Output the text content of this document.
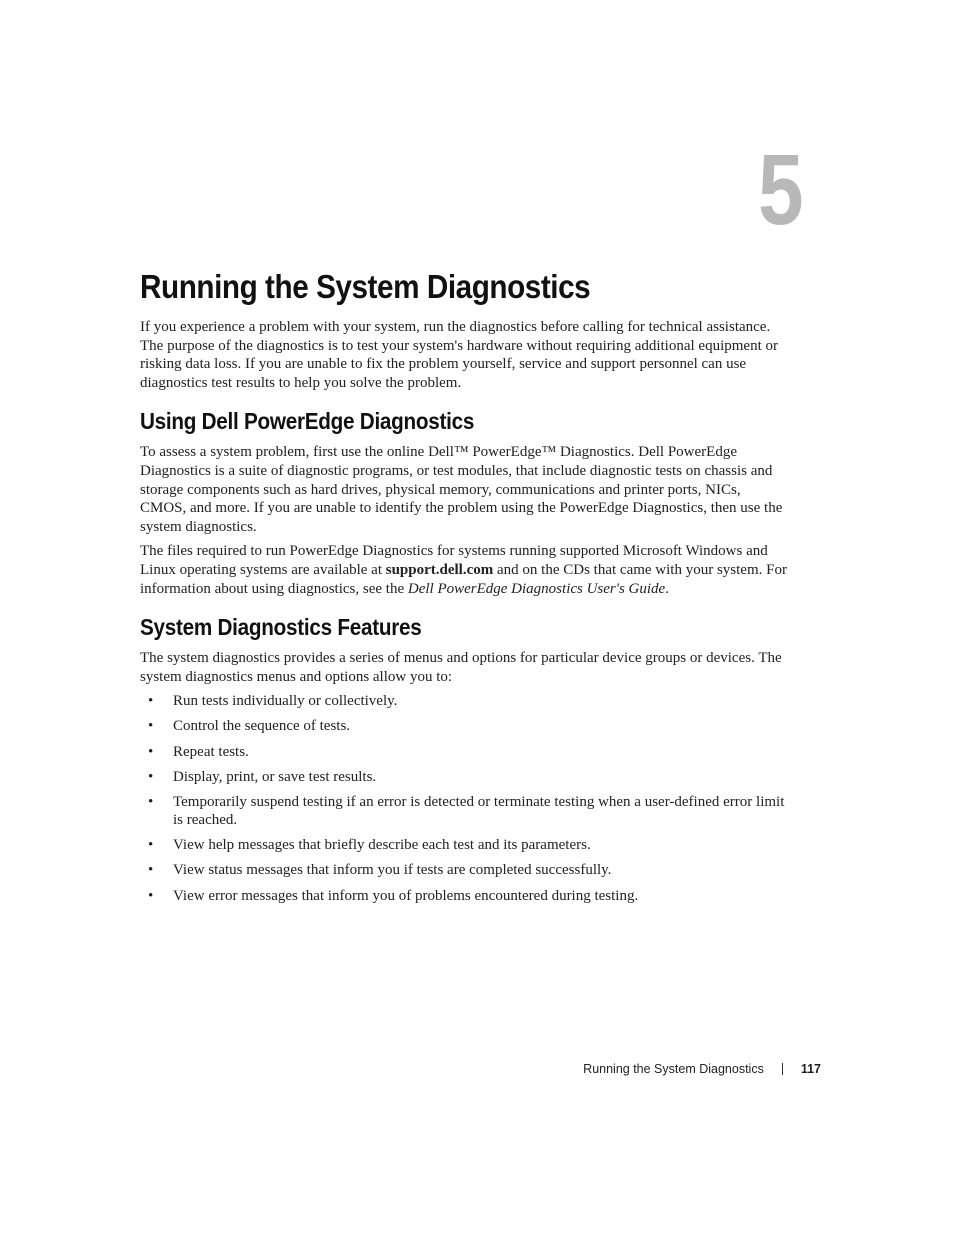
5
Running the System Diagnostics

If you experience a problem with your system, run the diagnostics before calling for technical assistance. The purpose of the diagnostics is to test your system's hardware without requiring additional equipment or risking data loss. If you are unable to fix the problem yourself, service and support personnel can use diagnostics test results to help you solve the problem.

Using Dell PowerEdge Diagnostics

To assess a system problem, first use the online Dell™ PowerEdge™ Diagnostics. Dell PowerEdge Diagnostics is a suite of diagnostic programs, or test modules, that include diagnostic tests on chassis and storage components such as hard drives, physical memory, communications and printer ports, NICs, CMOS, and more. If you are unable to identify the problem using the PowerEdge Diagnostics, then use the system diagnostics.

The files required to run PowerEdge Diagnostics for systems running supported Microsoft Windows and Linux operating systems are available at support.dell.com and on the CDs that came with your system. For information about using diagnostics, see the Dell PowerEdge Diagnostics User's Guide.

System Diagnostics Features

The system diagnostics provides a series of menus and options for particular device groups or devices. The system diagnostics menus and options allow you to:

• Run tests individually or collectively.
• Control the sequence of tests.
• Repeat tests.
• Display, print, or save test results.
• Temporarily suspend testing if an error is detected or terminate testing when a user-defined error limit is reached.
• View help messages that briefly describe each test and its parameters.
• View status messages that inform you if tests are completed successfully.
• View error messages that inform you of problems encountered during testing.
Running the System Diagnostics	117
